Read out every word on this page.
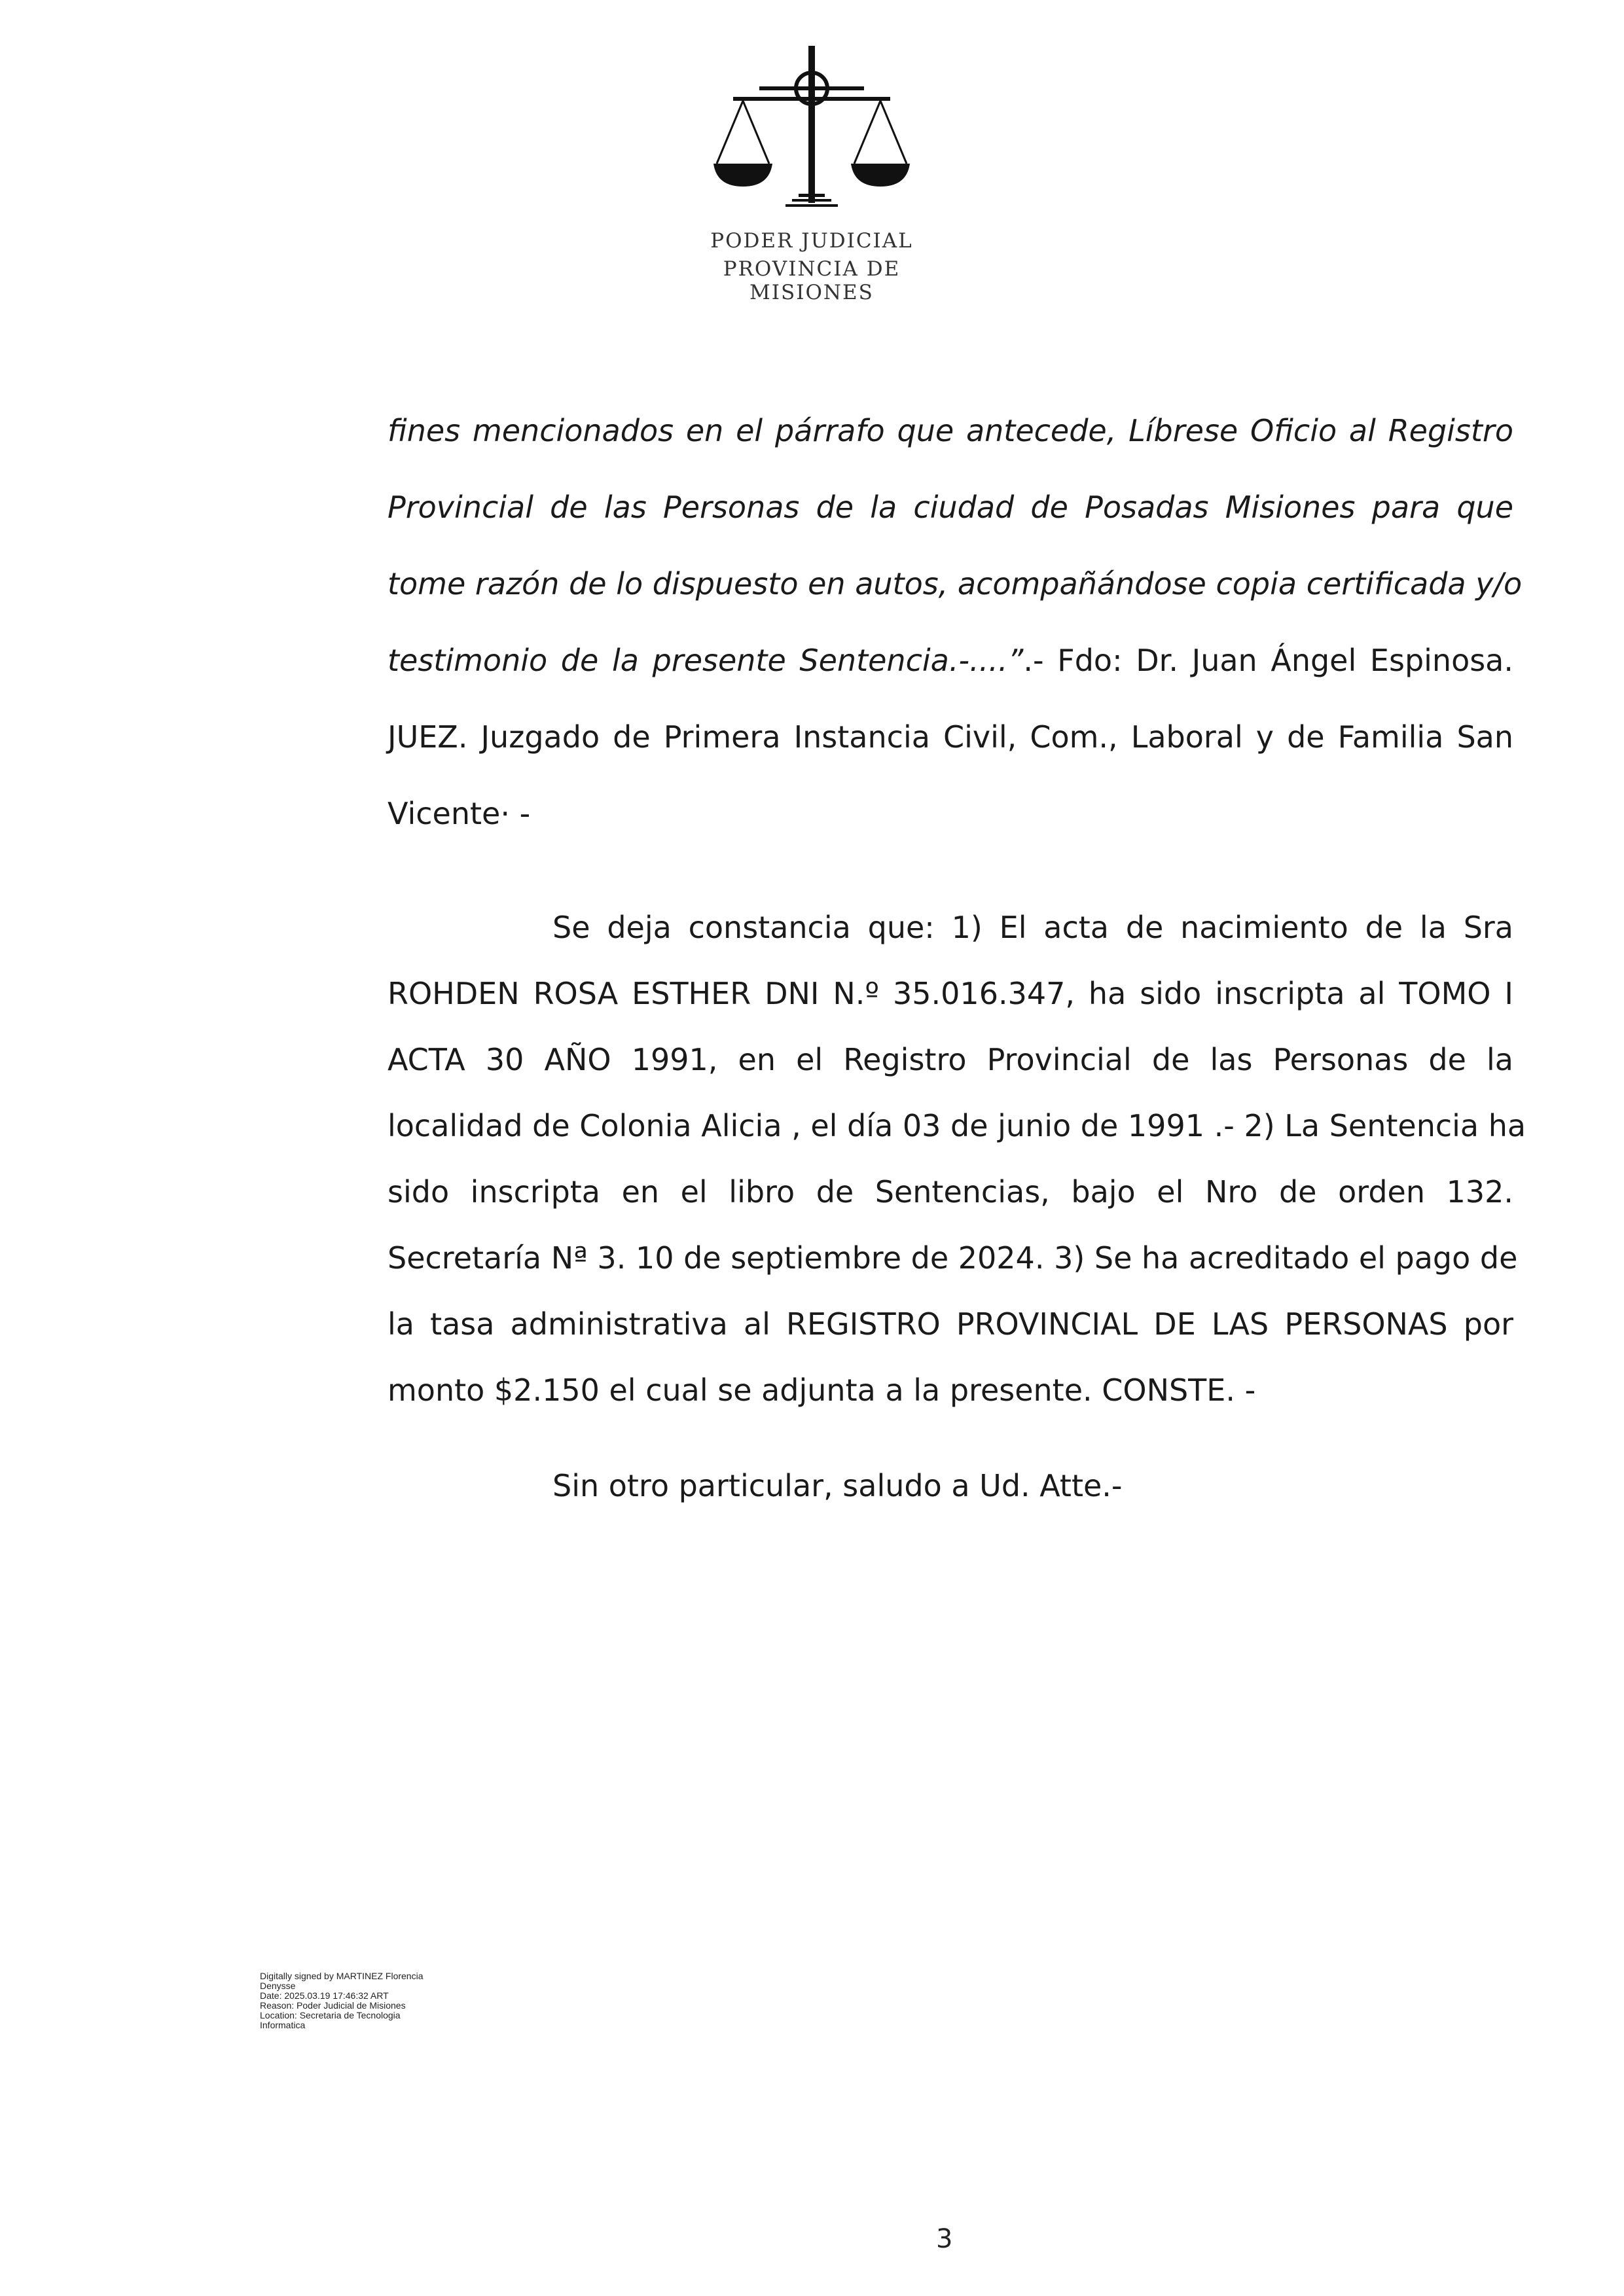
PODER JUDICIAL
PROVINCIA DE MISIONES
fines mencionados en el párrafo que antecede, Líbrese Oficio al Registro
Provincial de las Personas de la ciudad de Posadas Misiones para que
tome razón de lo dispuesto en autos, acompañándose copia certificada y/o
testimonio de la presente Sentencia.-....”.- Fdo: Dr. Juan Ángel Espinosa.
JUEZ. Juzgado de Primera Instancia Civil, Com., Laboral y de Familia San
Vicente· -
Se deja constancia que: 1) El acta de nacimiento de la Sra
ROHDEN ROSA ESTHER DNI N.º 35.016.347, ha sido inscripta al TOMO I
ACTA 30 AÑO 1991, en el Registro Provincial de las Personas de la
localidad de Colonia Alicia , el día 03 de junio de 1991 .- 2) La Sentencia ha
sido inscripta en el libro de Sentencias, bajo el Nro de orden 132.
Secretaría Nª 3. 10 de septiembre de 2024. 3) Se ha acreditado el pago de
la tasa administrativa al REGISTRO PROVINCIAL DE LAS PERSONAS por
monto $2.150 el cual se adjunta a la presente. CONSTE. -
Sin otro particular, saludo a Ud. Atte.-
Digitally signed by MARTINEZ Florencia
Denysse
Date: 2025.03.19 17:46:32 ART
Reason: Poder Judicial de Misiones
Location: Secretaria de Tecnologia
Informatica
3
